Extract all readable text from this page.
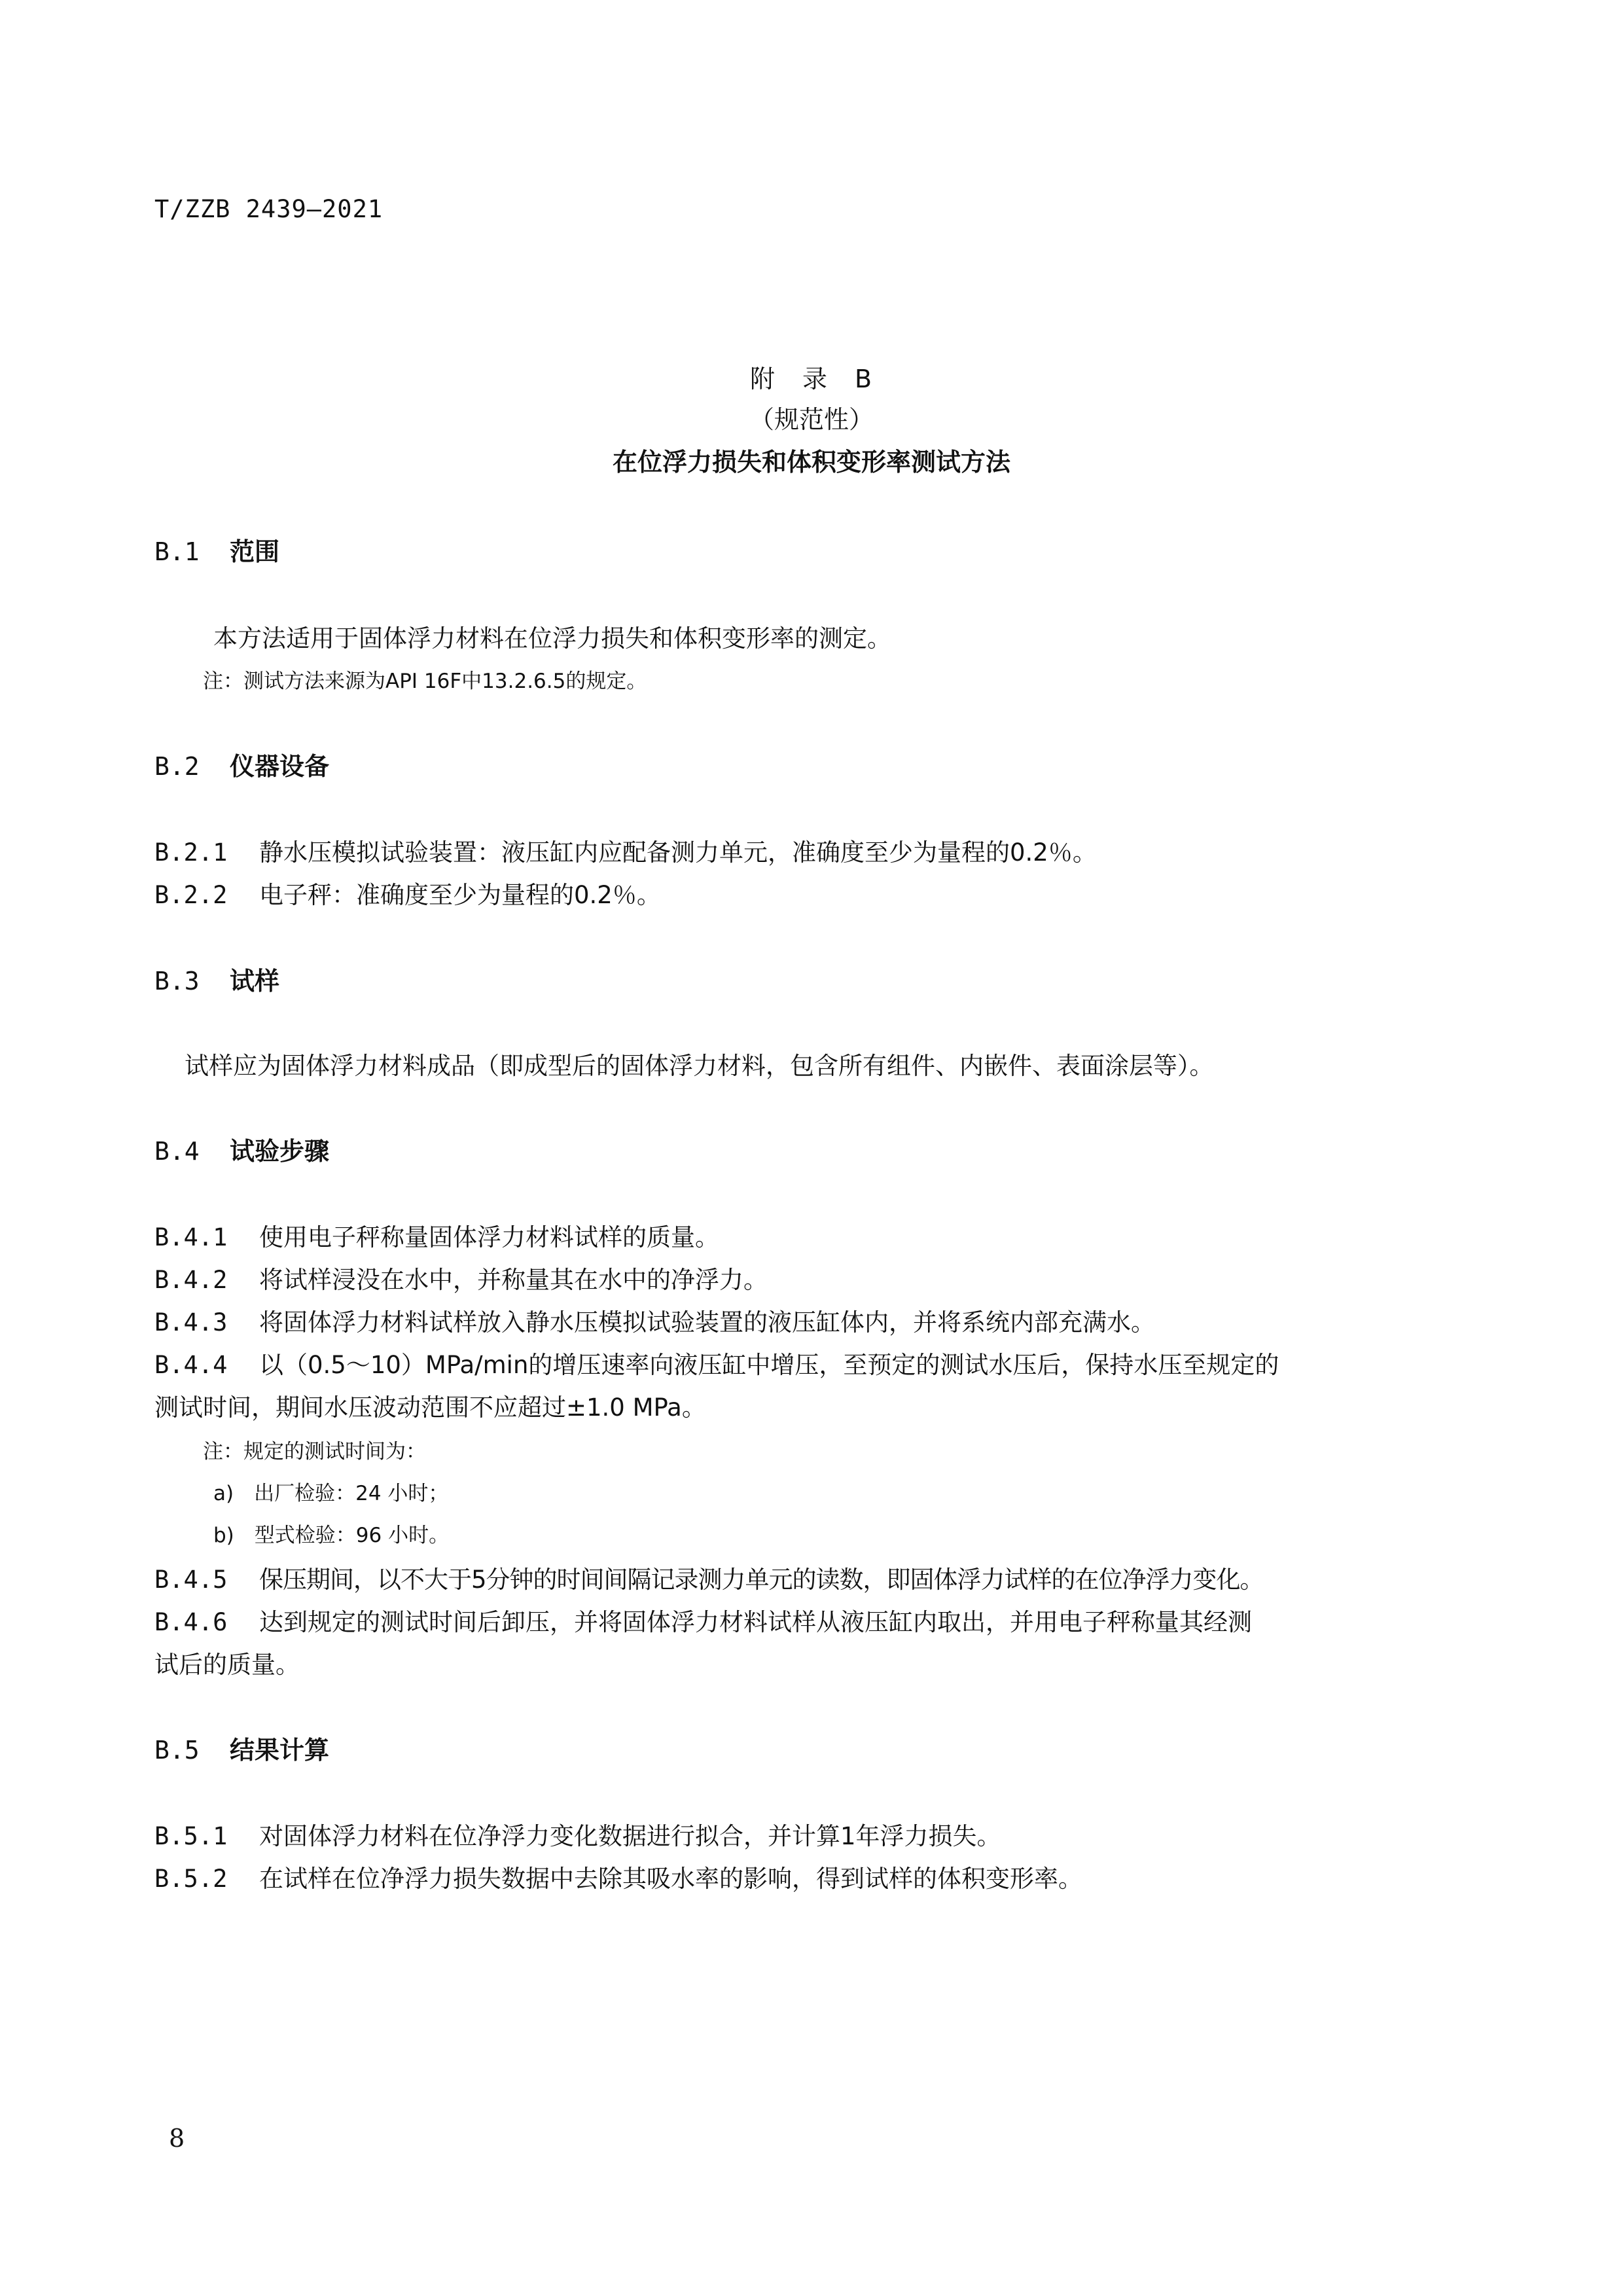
T/ZZB 2439—2021
附　录　B
（规范性）
在位浮力损失和体积变形率测试方法
B.1 范围
本方法适用于固体浮力材料在位浮力损失和体积变形率的测定。
注：测试方法来源为API 16F中13.2.6.5的规定。
B.2 仪器设备
B.2.1 静水压模拟试验装置：液压缸内应配备测力单元，准确度至少为量程的0.2％。
B.2.2 电子秤：准确度至少为量程的0.2％。
B.3 试样
试样应为固体浮力材料成品（即成型后的固体浮力材料，包含所有组件、内嵌件、表面涂层等）。
B.4 试验步骤
B.4.1 使用电子秤称量固体浮力材料试样的质量。
B.4.2 将试样浸没在水中，并称量其在水中的净浮力。
B.4.3 将固体浮力材料试样放入静水压模拟试验装置的液压缸体内，并将系统内部充满水。
B.4.4 以（0.5～10）MPa/min的增压速率向液压缸中增压，至预定的测试水压后，保持水压至规定的
测试时间，期间水压波动范围不应超过±1.0 MPa。
注：规定的测试时间为：
a)　出厂检验：24 小时；
b)　型式检验：96 小时。
B.4.5 保压期间，以不大于5分钟的时间间隔记录测力单元的读数，即固体浮力试样的在位净浮力变化。
B.4.6 达到规定的测试时间后卸压，并将固体浮力材料试样从液压缸内取出，并用电子秤称量其经测
试后的质量。
B.5 结果计算
B.5.1 对固体浮力材料在位净浮力变化数据进行拟合，并计算1年浮力损失。
B.5.2 在试样在位净浮力损失数据中去除其吸水率的影响，得到试样的体积变形率。
8
